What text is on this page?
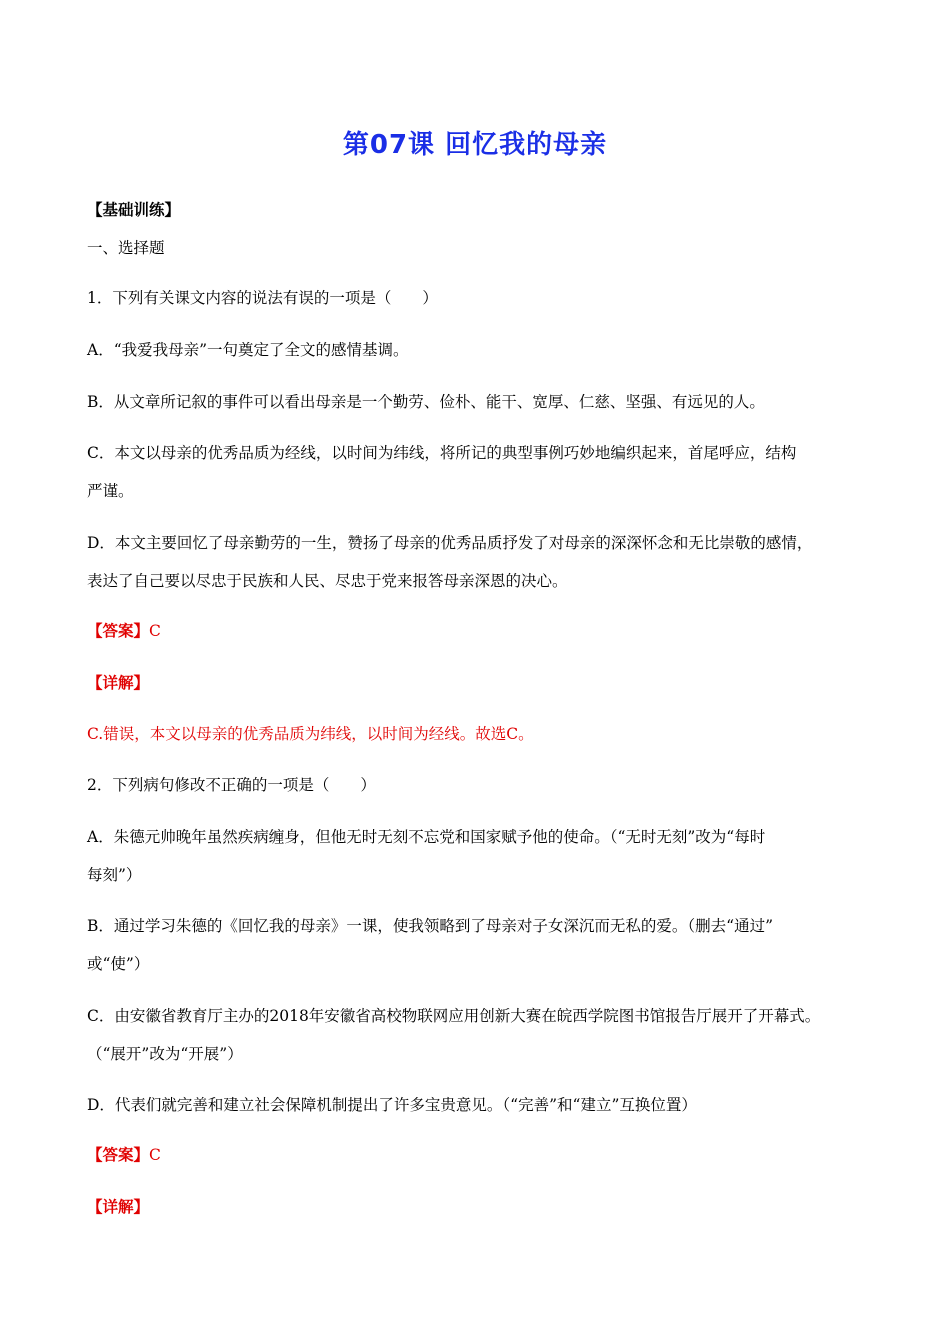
第07课 回忆我的母亲
【基础训练】
一、选择题
1．下列有关课文内容的说法有误的一项是（　　）
A．“我爱我母亲”一句奠定了全文的感情基调。
B．从文章所记叙的事件可以看出母亲是一个勤劳、俭朴、能干、宽厚、仁慈、坚强、有远见的人。
C．本文以母亲的优秀品质为经线，以时间为纬线，将所记的典型事例巧妙地编织起来，首尾呼应，结构
严谨。
D．本文主要回忆了母亲勤劳的一生，赞扬了母亲的优秀品质抒发了对母亲的深深怀念和无比崇敬的感情，
表达了自己要以尽忠于民族和人民、尽忠于党来报答母亲深恩的决心。
【答案】C
【详解】
C.错误，本文以母亲的优秀品质为纬线，以时间为经线。故选C。
2．下列病句修改不正确的一项是（　　）
A．朱德元帅晚年虽然疾病缠身，但他无时无刻不忘党和国家赋予他的使命。（“无时无刻”改为“每时
每刻”）
B．通过学习朱德的《回忆我的母亲》一课，使我领略到了母亲对子女深沉而无私的爱。（删去“通过”
或“使”）
C．由安徽省教育厅主办的2018年安徽省高校物联网应用创新大赛在皖西学院图书馆报告厅展开了开幕式。
（“展开”改为“开展”）
D．代表们就完善和建立社会保障机制提出了许多宝贵意见。（“完善”和“建立”互换位置）
【答案】C
【详解】
